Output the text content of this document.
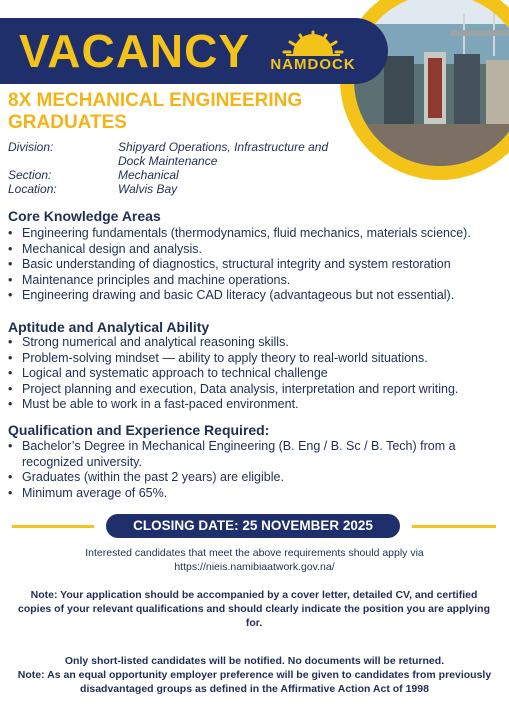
VACANCY NAMDOCK
8X MECHANICAL ENGINEERING GRADUATES
Division:	Shipyard Operations, Infrastructure and Dock Maintenance
Section:	Mechanical
Location:	Walvis Bay
Core Knowledge Areas
• Engineering fundamentals (thermodynamics, fluid mechanics, materials science).
• Mechanical design and analysis.
• Basic understanding of diagnostics, structural integrity and system restoration
• Maintenance principles and machine operations.
• Engineering drawing and basic CAD literacy (advantageous but not essential).
Aptitude and Analytical Ability
• Strong numerical and analytical reasoning skills.
• Problem-solving mindset — ability to apply theory to real-world situations.
• Logical and systematic approach to technical challenge
• Project planning and execution, Data analysis, interpretation and report writing.
• Must be able to work in a fast-paced environment.
Qualification and Experience Required:
• Bachelor’s Degree in Mechanical Engineering (B. Eng / B. Sc / B. Tech) from a recognized university.
• Graduates (within the past 2 years) are eligible.
• Minimum average of 65%.
CLOSING DATE: 25 NOVEMBER 2025
Interested candidates that meet the above requirements should apply via
https://nieis.namibiaatwork.gov.na/
Note: Your application should be accompanied by a cover letter, detailed CV, and certified copies of your relevant qualifications and should clearly indicate the position you are applying for.
Only short-listed candidates will be notified. No documents will be returned.
Note: As an equal opportunity employer preference will be given to candidates from previously disadvantaged groups as defined in the Affirmative Action Act of 1998
